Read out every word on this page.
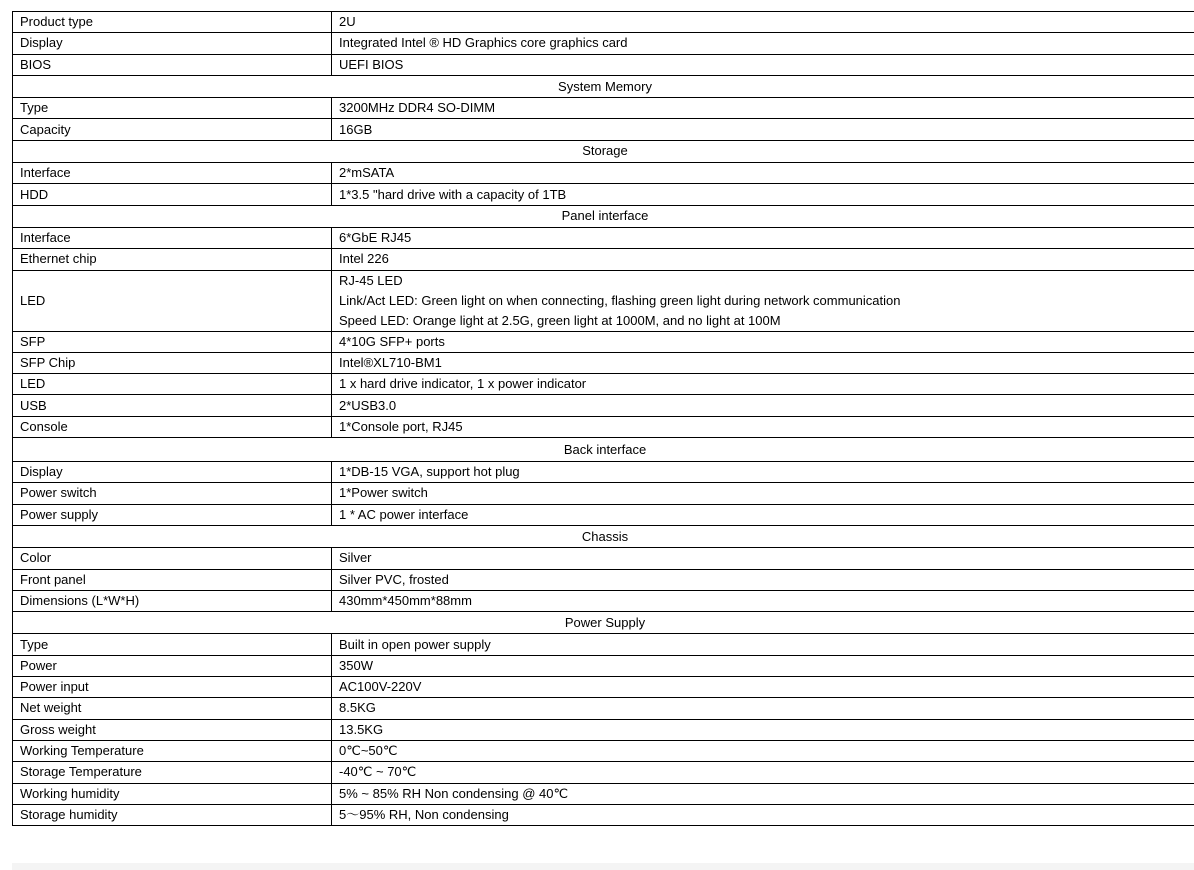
Product type	2U
Display	Integrated Intel ® HD Graphics core graphics card
BIOS	UEFI BIOS
System Memory	
Type	3200MHz DDR4 SO-DIMM
Capacity	16GB
Storage	
Interface	2*mSATA
HDD	1*3.5 "hard drive with a capacity of 1TB
Panel interface	
Interface	6*GbE RJ45
Ethernet chip	Intel 226
LED	RJ-45 LED
Link/Act LED: Green light on when connecting, flashing green light during network communication
Speed LED: Orange light at 2.5G, green light at 1000M, and no light at 100M

SFP	4*10G SFP+ ports
SFP Chip	Intel®XL710-BM1
LED	1 x hard drive indicator, 1 x power indicator
USB	2*USB3.0
Console	1*Console port, RJ45
Back interface	
Display	1*DB-15 VGA, support hot plug
Power switch	1*Power switch
Power supply	1 * AC power interface
Chassis	
Color	Silver
Front panel	Silver PVC, frosted
Dimensions (L*W*H)	430mm*450mm*88mm
Power Supply	
Type	Built in open power supply
Power	350W
Power input	AC100V-220V
Net weight	8.5KG
Gross weight	13.5KG
Working Temperature	0℃~50℃
Storage Temperature	-40℃ ~ 70℃
Working humidity	5% ~ 85% RH Non condensing @ 40℃
Storage humidity	5～95% RH, Non condensing
